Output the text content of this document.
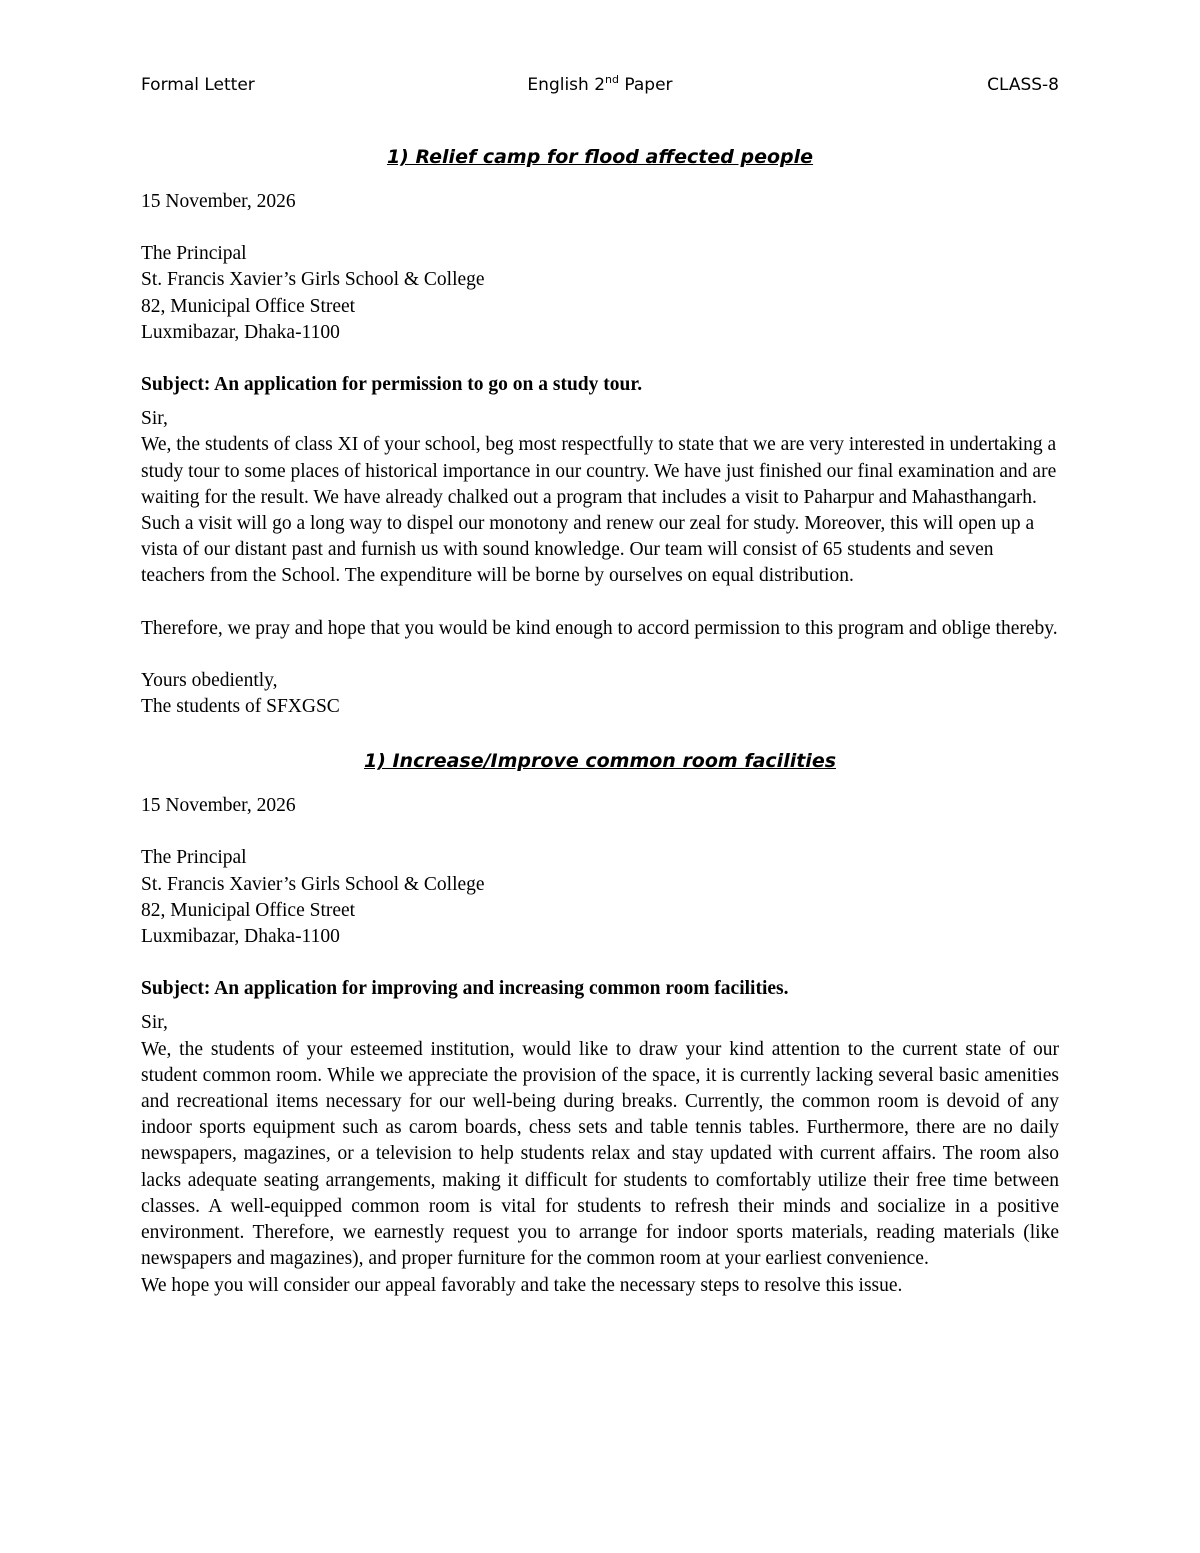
Formal Letter	English 2nd Paper	CLASS-8
1) Relief camp for flood affected people
15 November, 2026
The Principal
St. Francis Xavier’s Girls School & College
82, Municipal Office Street
Luxmibazar, Dhaka-1100
Subject: An application for permission to go on a study tour.
Sir,
We, the students of class XI of your school, beg most respectfully to state that we are very interested in undertaking a study tour to some places of historical importance in our country. We have just finished our final examination and are waiting for the result. We have already chalked out a program that includes a visit to Paharpur and Mahasthangarh. Such a visit will go a long way to dispel our monotony and renew our zeal for study. Moreover, this will open up a vista of our distant past and furnish us with sound knowledge. Our team will consist of 65 students and seven teachers from the School. The expenditure will be borne by ourselves on equal distribution.
Therefore, we pray and hope that you would be kind enough to accord permission to this program and oblige thereby.
Yours obediently,
The students of SFXGSC
1) Increase/Improve common room facilities
15 November, 2026
The Principal
St. Francis Xavier’s Girls School & College
82, Municipal Office Street
Luxmibazar, Dhaka-1100
Subject: An application for improving and increasing common room facilities.
Sir,
We, the students of your esteemed institution, would like to draw your kind attention to the current state of our student common room. While we appreciate the provision of the space, it is currently lacking several basic amenities and recreational items necessary for our well-being during breaks. Currently, the common room is devoid of any indoor sports equipment such as carom boards, chess sets and table tennis tables. Furthermore, there are no daily newspapers, magazines, or a television to help students relax and stay updated with current affairs. The room also lacks adequate seating arrangements, making it difficult for students to comfortably utilize their free time between classes. A well-equipped common room is vital for students to refresh their minds and socialize in a positive environment. Therefore, we earnestly request you to arrange for indoor sports materials, reading materials (like newspapers and magazines), and proper furniture for the common room at your earliest convenience.
We hope you will consider our appeal favorably and take the necessary steps to resolve this issue.
